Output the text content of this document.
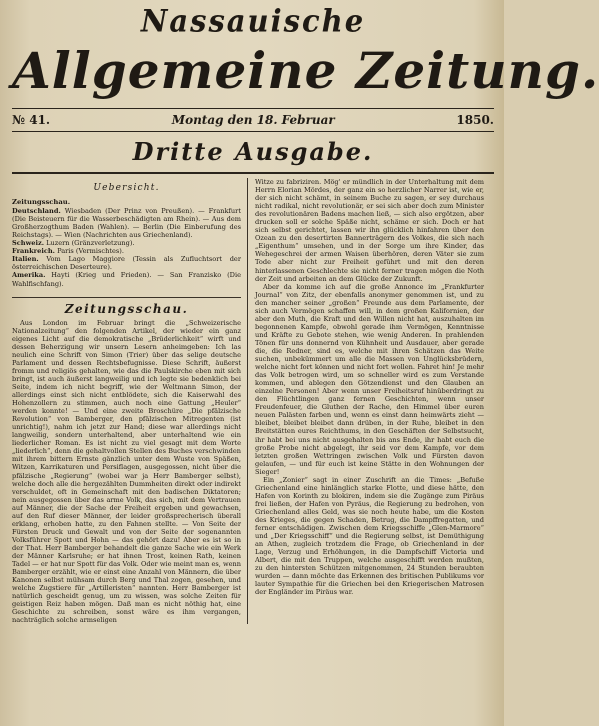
Nassauische
Allgemeine Zeitung.
№ 41.	Montag den 18. Februar	1850.
Dritte Ausgabe.
Uebersicht.
Zeitungsschau.

Deutschland. Wiesbaden (Der Prinz von Preußen). — Frankfurt (Die Beisteuern für die Wasserbeschädigten am Rhein). — Aus dem Großherzogthum Baden (Wahlen). — Berlin (Die Einberufung des Reichstags). — Wien (Nachrichten aus Griechenland).

Schweiz. Luzern (Gränzverletzung).

Frankreich. Paris (Vermischtes).

Italien. Vom Lago Maggiore (Tessin als Zufluchtsort der österreichischen Deserteure).

Amerika. Hayti (Krieg und Frieden). — San Franzisko (Die Wahlfischfang).

Zeitungsschau.

Aus London im Februar bringt die „Schweizerische Nationalzeitung“ den folgenden Artikel, der wieder ein ganz eigenes Licht auf die demokratische „Brüderlichkeit“ wirft und dessen Beherzigung wir unsern Lesern anheimgeben: Ich las neulich eine Schrift von Simon (Trier) über das selige deutsche Parlament und dessen Rechtsbefugnisse. Diese Schrift, äußerst fromm und religiös gehalten, wie das die Paulskirche eben mit sich bringt, ist auch äußerst langweilig und ich legte sie bedenklich bei Seite, indem ich nicht begriff, wie der Weltmann Simon, der allerdings einst sich nicht entblödete, sich die Kaiserwahl des Hohenzollern zu stimmen, auch noch eine Gattung „Heuler“ werden konnte! — Und eine zweite Broschüre „Die pfälzische Revolution“ von Bamberger, den pfälzischen Mitregenten (ist unrichtig!), nahm ich jetzt zur Hand; diese war allerdings nicht langweilig, sondern unterhaltend, aber unterhaltend wie ein liederlicher Roman. Es ist nicht zu viel gesagt mit dem Worte „liederlich“, denn die gehaltvollen Stellen des Buches verschwinden mit ihrem bittern Ernste gänzlich unter dem Wuste von Späßen, Witzen, Karrikaturen und Persiflagen, ausgegossen, nicht über die pfälzische „Regierung“ (wobei war ja Herr Bamberger selbst), welche doch alle die hergezählten Dummheiten direkt oder indirekt verschuldet, oft in Gemeinschaft mit den badischen Diktatoren; nein ausgegossen über das arme Volk, das sich, mit dem Vertrauen auf Männer, die der Sache der Freiheit ergeben und gewachsen, auf den Ruf dieser Männer, der leider großsprecherisch überall erklang, erhoben hatte, zu den Fahnen stellte. — Von Seite der Fürsten Druck und Gewalt und von der Seite der sogenannten Volksführer Spott und Hohn — das gehört dazu! Aber es ist so in der That. Herr Bamberger behandelt die ganze Sache wie ein Werk der Männer Karlsruhe; er hat ihnen Trost, keinen Rath, keinen Tadel — er hat nur Spott für das Volk. Oder wie meint man es, wenn Bamberger erzählt, wie er einst eine Anzahl von Männern, die über Kanonen selbst mühsam durch Berg und Thal zogen, gesehen, und welche Zugstiere für „Artilleristen“ nannten. Herr Bamberger ist natürlich gescheidt genug, um zu wissen, was solche Zeiten für geistigen Reiz haben mögen. Daß man es nicht nöthig hat, eine Geschichte zu schreiben, sonst wäre es ihm vergangen, nachträglich solche armseligen

Witze zu fabriziren. Mög' er mündlich in der Unterhaltung mit dem Herrn Elorian Mördes, der ganz ein so herzlicher Narrer ist, wie er, der sich nicht schämt, in seinem Buche zu sagen, er sey durchaus nicht radikal, nicht revolutionär, er sei sich aber doch zum Minister des revolutionären Badens machen ließ, — sich also ergötzen, aber drucken soll er solche Späße nicht, schäme er sich. Doch er hat sich selbst gerichtet, lassen wir ihn glücklich hinfahren über den Ozean zu den desertirten Bannerträgern des Volkes, die sich nach „Eigenthum“ umsehen, und in der Sorge um ihre Kinder, das Wehegeschrei der armen Waisen überhören, deren Väter sie zum Tode aber nicht zur Freiheit geführt und mit den deren hinterlassenen Geschlechte sie nicht ferner tragen mögen die Noth der Zeit und arbeiten an dem Glücke der Zukunft.

Aber da komme ich auf die große Annonce im „Frankfurter Journal“ von Zitz, der ebenfalls anonymer genommen ist, und zu den mancher seiner „großen“ Freunde aus dem Parlamente, der sich auch Vermögen schaffen will, in dem großen Kalifornien, der aber den Muth, die Kraft und den Willen nicht hat, auszuhalten im begonnenen Kampfe, obwohl gerade ihm Vermögen, Kenntnisse und Kräfte zu Gebote stehen, wie wenig Anderen. In prahlenden Tönen für uns donnernd von Kühnheit und Ausdauer, aber gerade die, die Redner, sind es, welche mit ihren Schätzen das Weite suchen, unbekümmert um alle die Massen von Unglücksbrüdern, welche nicht fort können und nicht fort wollen. Fahret hin! Je mehr das Volk betrogen wird, um so schneller wird es zum Verstande kommen, und ablegen den Götzendienst und den Glauben an einzelne Personen! Aber wenn unser Freiheitsruf hinüberdringt zu den Flüchtlingen ganz fernen Geschichten, wenn unser Freudenfeuer, die Gluthen der Rache, den Himmel über euren neuen Palästen farben und, wenn es einst dann heimwärts zieht — bleibet, bleibet bleibet dann drüben, in der Ruhe, bleibet in den Breitstätten eures Reichthums, in den Geschäften der Selbstsucht, ihr habt bei uns nicht ausgehalten bis ans Ende, ihr habt euch die große Probe nicht abgelegt, ihr seid vor dem Kampfe, vor dem letzten großen Wettringen zwischen Volk und Fürsten davon gelaufen, — und für euch ist keine Stätte in den Wohnungen der Sieger!

Ein „Zonier“ sagt in einer Zuschrift an die Times: „Befuße Griechenland eine hinlänglich starke Flotte, und diese hätte, den Hafen von Korinth zu blokiren, indem sie die Zugänge zum Piräus frei ließen, der Hafen von Pyräus, die Regierung zu bedrohen, von Griechenland alles Geld, was sie noch heute habe, um die Kosten des Krieges, die gegen Schaden, Betrug, die Dampffregatten, und ferner entschädigen. Zwischen dem Kriegsschiffe „Glen-Marmore“ und „Der Kriegsschiff“ und die Regierung selbst, ist Demüthigung an Athen, zugleich trotzdem die Frage, ob Griechenland in der Lage, Verzug und Erhöhungen, in die Dampfschiff Victoria und Albert, die mit den Truppen, welche ausgeschifft werden mußten, zu den hintersten Schützen mitgenommen, 24 Stunden beraubten wurden — dann möchte das Erkennen des britischen Publikums vor lauter Sympathie für die Griechen bei den Kriegerischen Matrosen der Engländer im Piräus war.
